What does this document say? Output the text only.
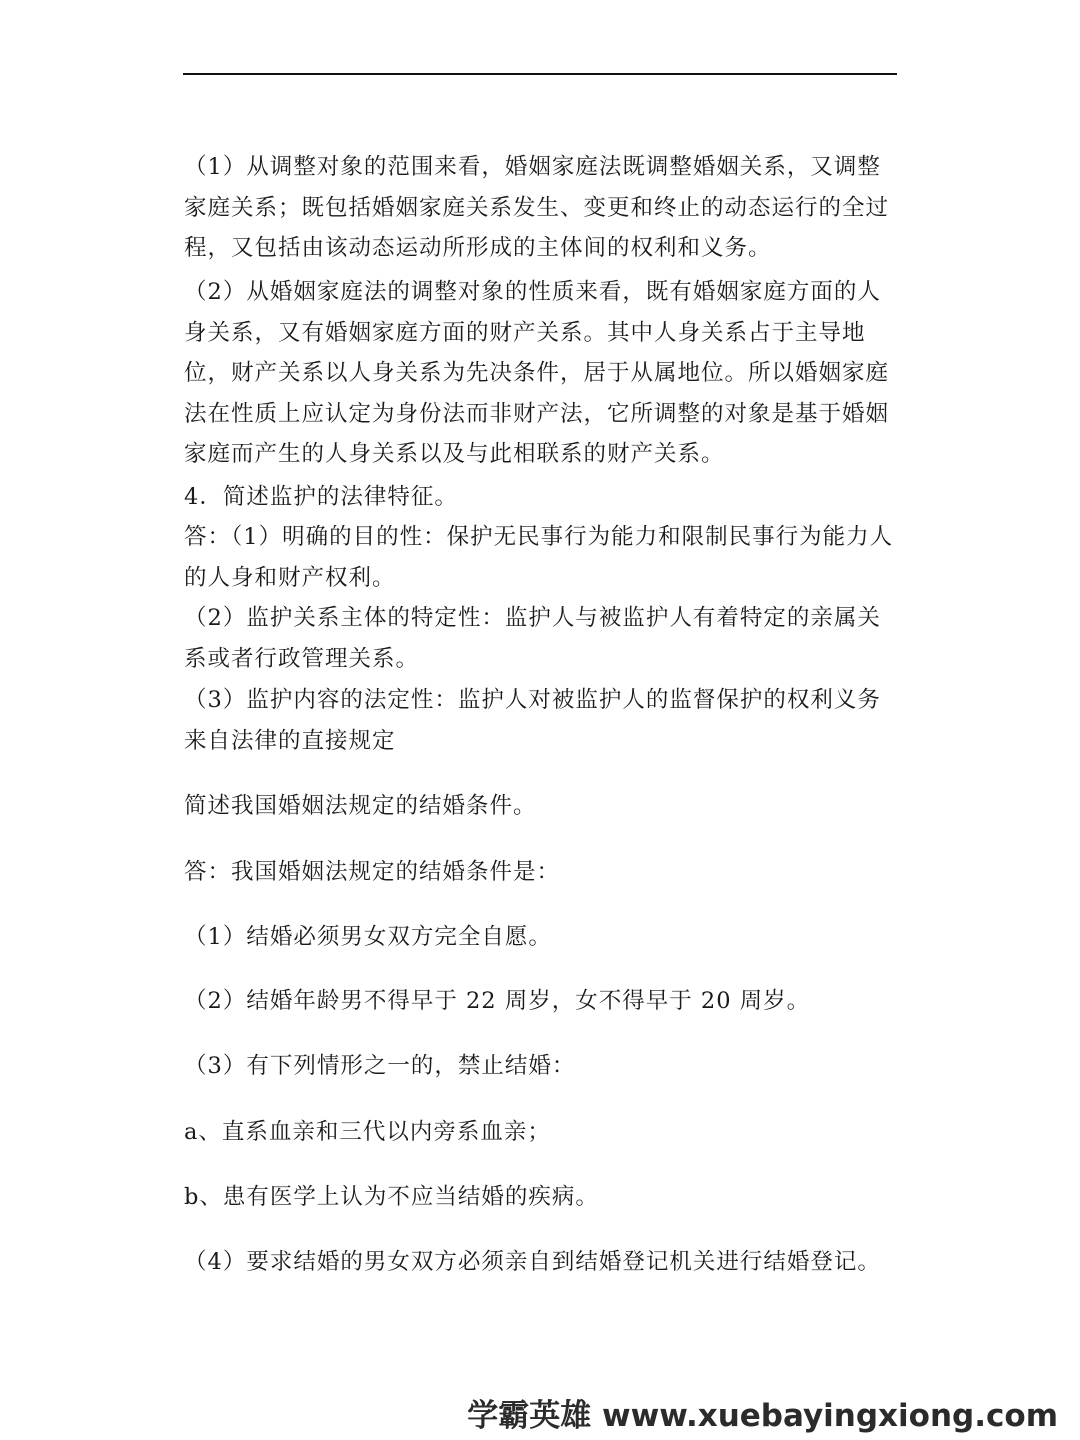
（1）从调整对象的范围来看，婚姻家庭法既调整婚姻关系，又调整家庭关系；既包括婚姻家庭关系发生、变更和终止的动态运行的全过程，又包括由该动态运动所形成的主体间的权利和义务。

（2）从婚姻家庭法的调整对象的性质来看，既有婚姻家庭方面的人身关系，又有婚姻家庭方面的财产关系。其中人身关系占于主导地位，财产关系以人身关系为先决条件，居于从属地位。所以婚姻家庭法在性质上应认定为身份法而非财产法，它所调整的对象是基于婚姻家庭而产生的人身关系以及与此相联系的财产关系。

4．简述监护的法律特征。

答：（1）明确的目的性：保护无民事行为能力和限制民事行为能力人的人身和财产权利。

（2）监护关系主体的特定性：监护人与被监护人有着特定的亲属关系或者行政管理关系。

（3）监护内容的法定性：监护人对被监护人的监督保护的权利义务来自法律的直接规定

简述我国婚姻法规定的结婚条件。

答：我国婚姻法规定的结婚条件是：

（1）结婚必须男女双方完全自愿。

（2）结婚年龄男不得早于 22 周岁，女不得早于 20 周岁。

（3）有下列情形之一的，禁止结婚：

a、直系血亲和三代以内旁系血亲；

b、患有医学上认为不应当结婚的疾病。

（4）要求结婚的男女双方必须亲自到结婚登记机关进行结婚登记。

学霸英雄 www.xuebayingxiong.com
